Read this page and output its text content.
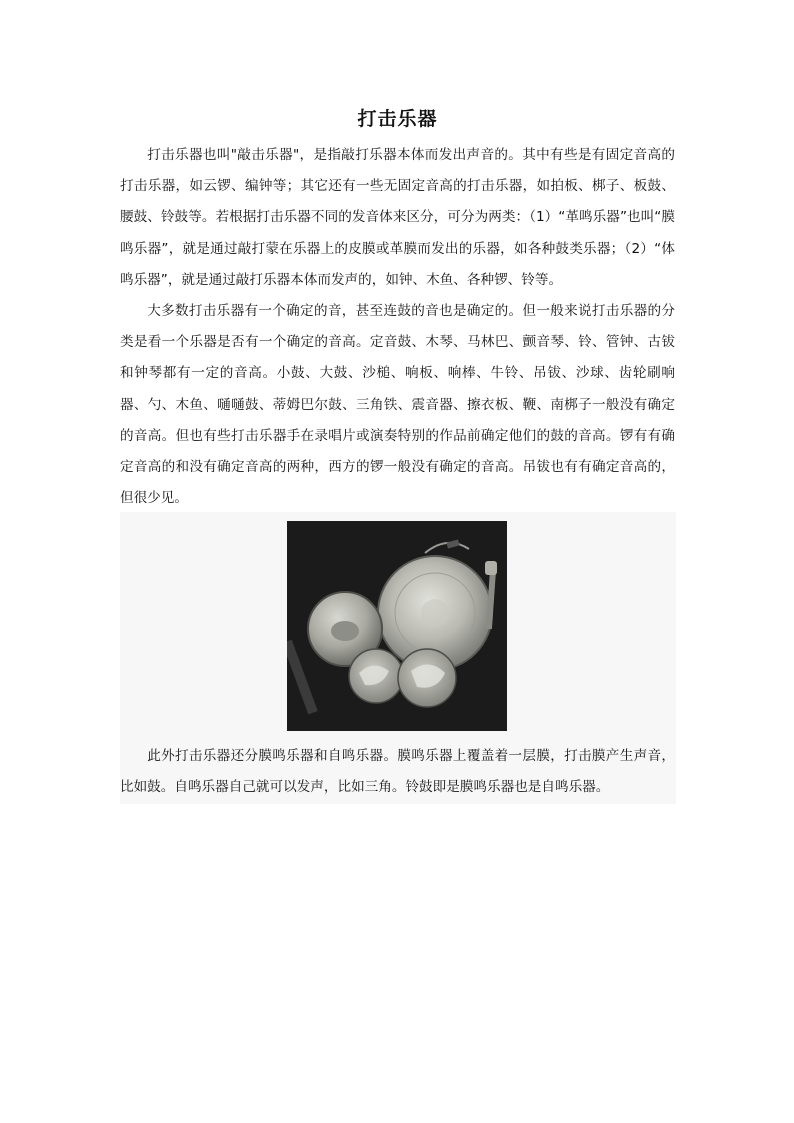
打击乐器

打击乐器也叫"敲击乐器"，是指敲打乐器本体而发出声音的。其中有些是有固定音高的打击乐器，如云锣、编钟等；其它还有一些无固定音高的打击乐器，如拍板、梆子、板鼓、腰鼓、铃鼓等。若根据打击乐器不同的发音体来区分，可分为两类：（1）“革鸣乐器”也叫“膜鸣乐器”，就是通过敲打蒙在乐器上的皮膜或革膜而发出的乐器，如各种鼓类乐器；（2）“体鸣乐器”，就是通过敲打乐器本体而发声的，如钟、木鱼、各种锣、铃等。

大多数打击乐器有一个确定的音，甚至连鼓的音也是确定的。但一般来说打击乐器的分类是看一个乐器是否有一个确定的音高。定音鼓、木琴、马林巴、颤音琴、铃、管钟、古钹和钟琴都有一定的音高。小鼓、大鼓、沙槌、响板、响棒、牛铃、吊钹、沙球、齿轮刷响器、勺、木鱼、嗵嗵鼓、蒂姆巴尔鼓、三角铁、震音器、擦衣板、鞭、南梆子一般没有确定的音高。但也有些打击乐器手在录唱片或演奏特别的作品前确定他们的鼓的音高。锣有有确定音高的和没有确定音高的两种，西方的锣一般没有确定的音高。吊钹也有有确定音高的，但很少见。

此外打击乐器还分膜鸣乐器和自鸣乐器。膜鸣乐器上覆盖着一层膜，打击膜产生声音，比如鼓。自鸣乐器自己就可以发声，比如三角。铃鼓即是膜鸣乐器也是自鸣乐器。
